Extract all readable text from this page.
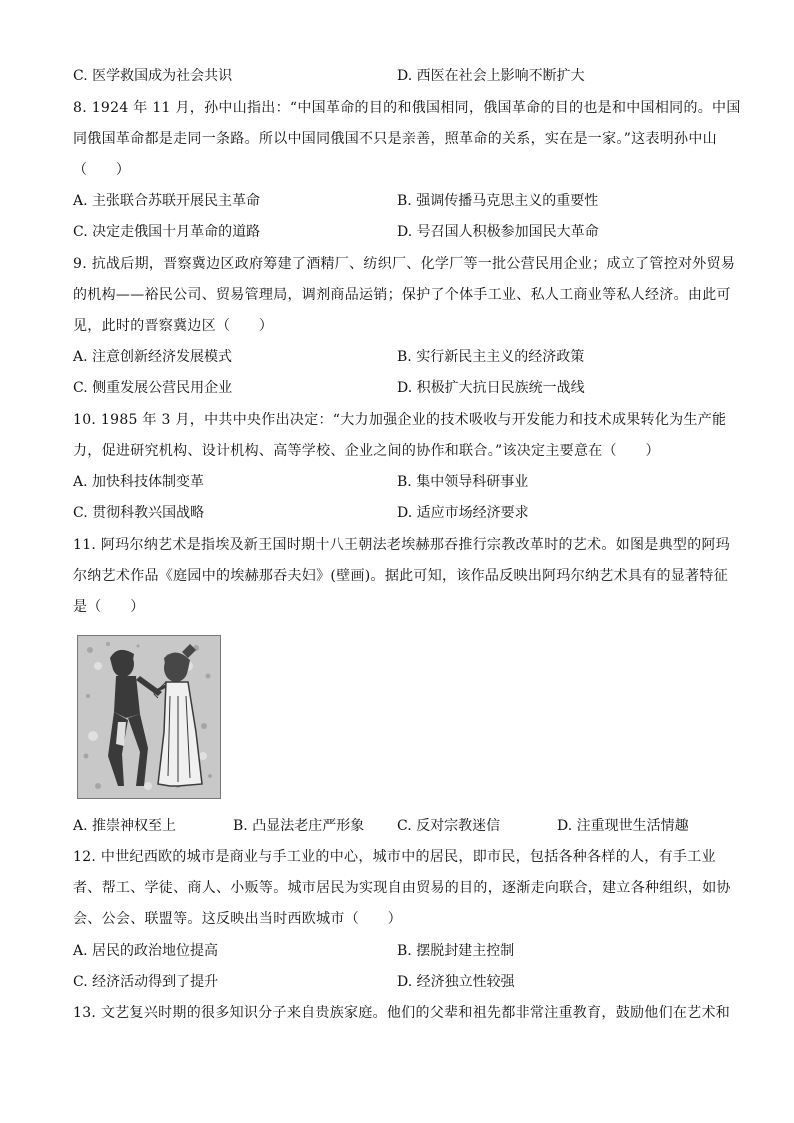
C. 医学救国成为社会共识	D. 西医在社会上影响不断扩大
8. 1924 年 11 月，孙中山指出：“中国革命的目的和俄国相同，俄国革命的目的也是和中国相同的。中国
同俄国革命都是走同一条路。所以中国同俄国不只是亲善，照革命的关系，实在是一家。”这表明孙中山
（　　）
A. 主张联合苏联开展民主革命	B. 强调传播马克思主义的重要性
C. 决定走俄国十月革命的道路	D. 号召国人积极参加国民大革命
9. 抗战后期，晋察冀边区政府筹建了酒精厂、纺织厂、化学厂等一批公营民用企业；成立了管控对外贸易
的机构——裕民公司、贸易管理局，调剂商品运销；保护了个体手工业、私人工商业等私人经济。由此可
见，此时的晋察冀边区（　　）
A. 注意创新经济发展模式	B. 实行新民主主义的经济政策
C. 侧重发展公营民用企业	D. 积极扩大抗日民族统一战线
10. 1985 年 3 月，中共中央作出决定：“大力加强企业的技术吸收与开发能力和技术成果转化为生产能
力，促进研究机构、设计机构、高等学校、企业之间的协作和联合。”该决定主要意在（　　）
A. 加快科技体制变革	B. 集中领导科研事业
C. 贯彻科教兴国战略	D. 适应市场经济要求
11. 阿玛尔纳艺术是指埃及新王国时期十八王朝法老埃赫那吞推行宗教改革时的艺术。如图是典型的阿玛
尔纳艺术作品《庭园中的埃赫那吞夫妇》(壁画)。据此可知，该作品反映出阿玛尔纳艺术具有的显著特征
是（　　）
A. 推崇神权至上	B. 凸显法老庄严形象 C. 反对宗教迷信	D. 注重现世生活情趣
12. 中世纪西欧的城市是商业与手工业的中心，城市中的居民，即市民，包括各种各样的人，有手工业
者、帮工、学徒、商人、小贩等。城市居民为实现自由贸易的目的，逐渐走向联合，建立各种组织，如协
会、公会、联盟等。这反映出当时西欧城市（　　）
A. 居民的政治地位提高	B. 摆脱封建主控制
C. 经济活动得到了提升	D. 经济独立性较强
13. 文艺复兴时期的很多知识分子来自贵族家庭。他们的父辈和祖先都非常注重教育，鼓励他们在艺术和
